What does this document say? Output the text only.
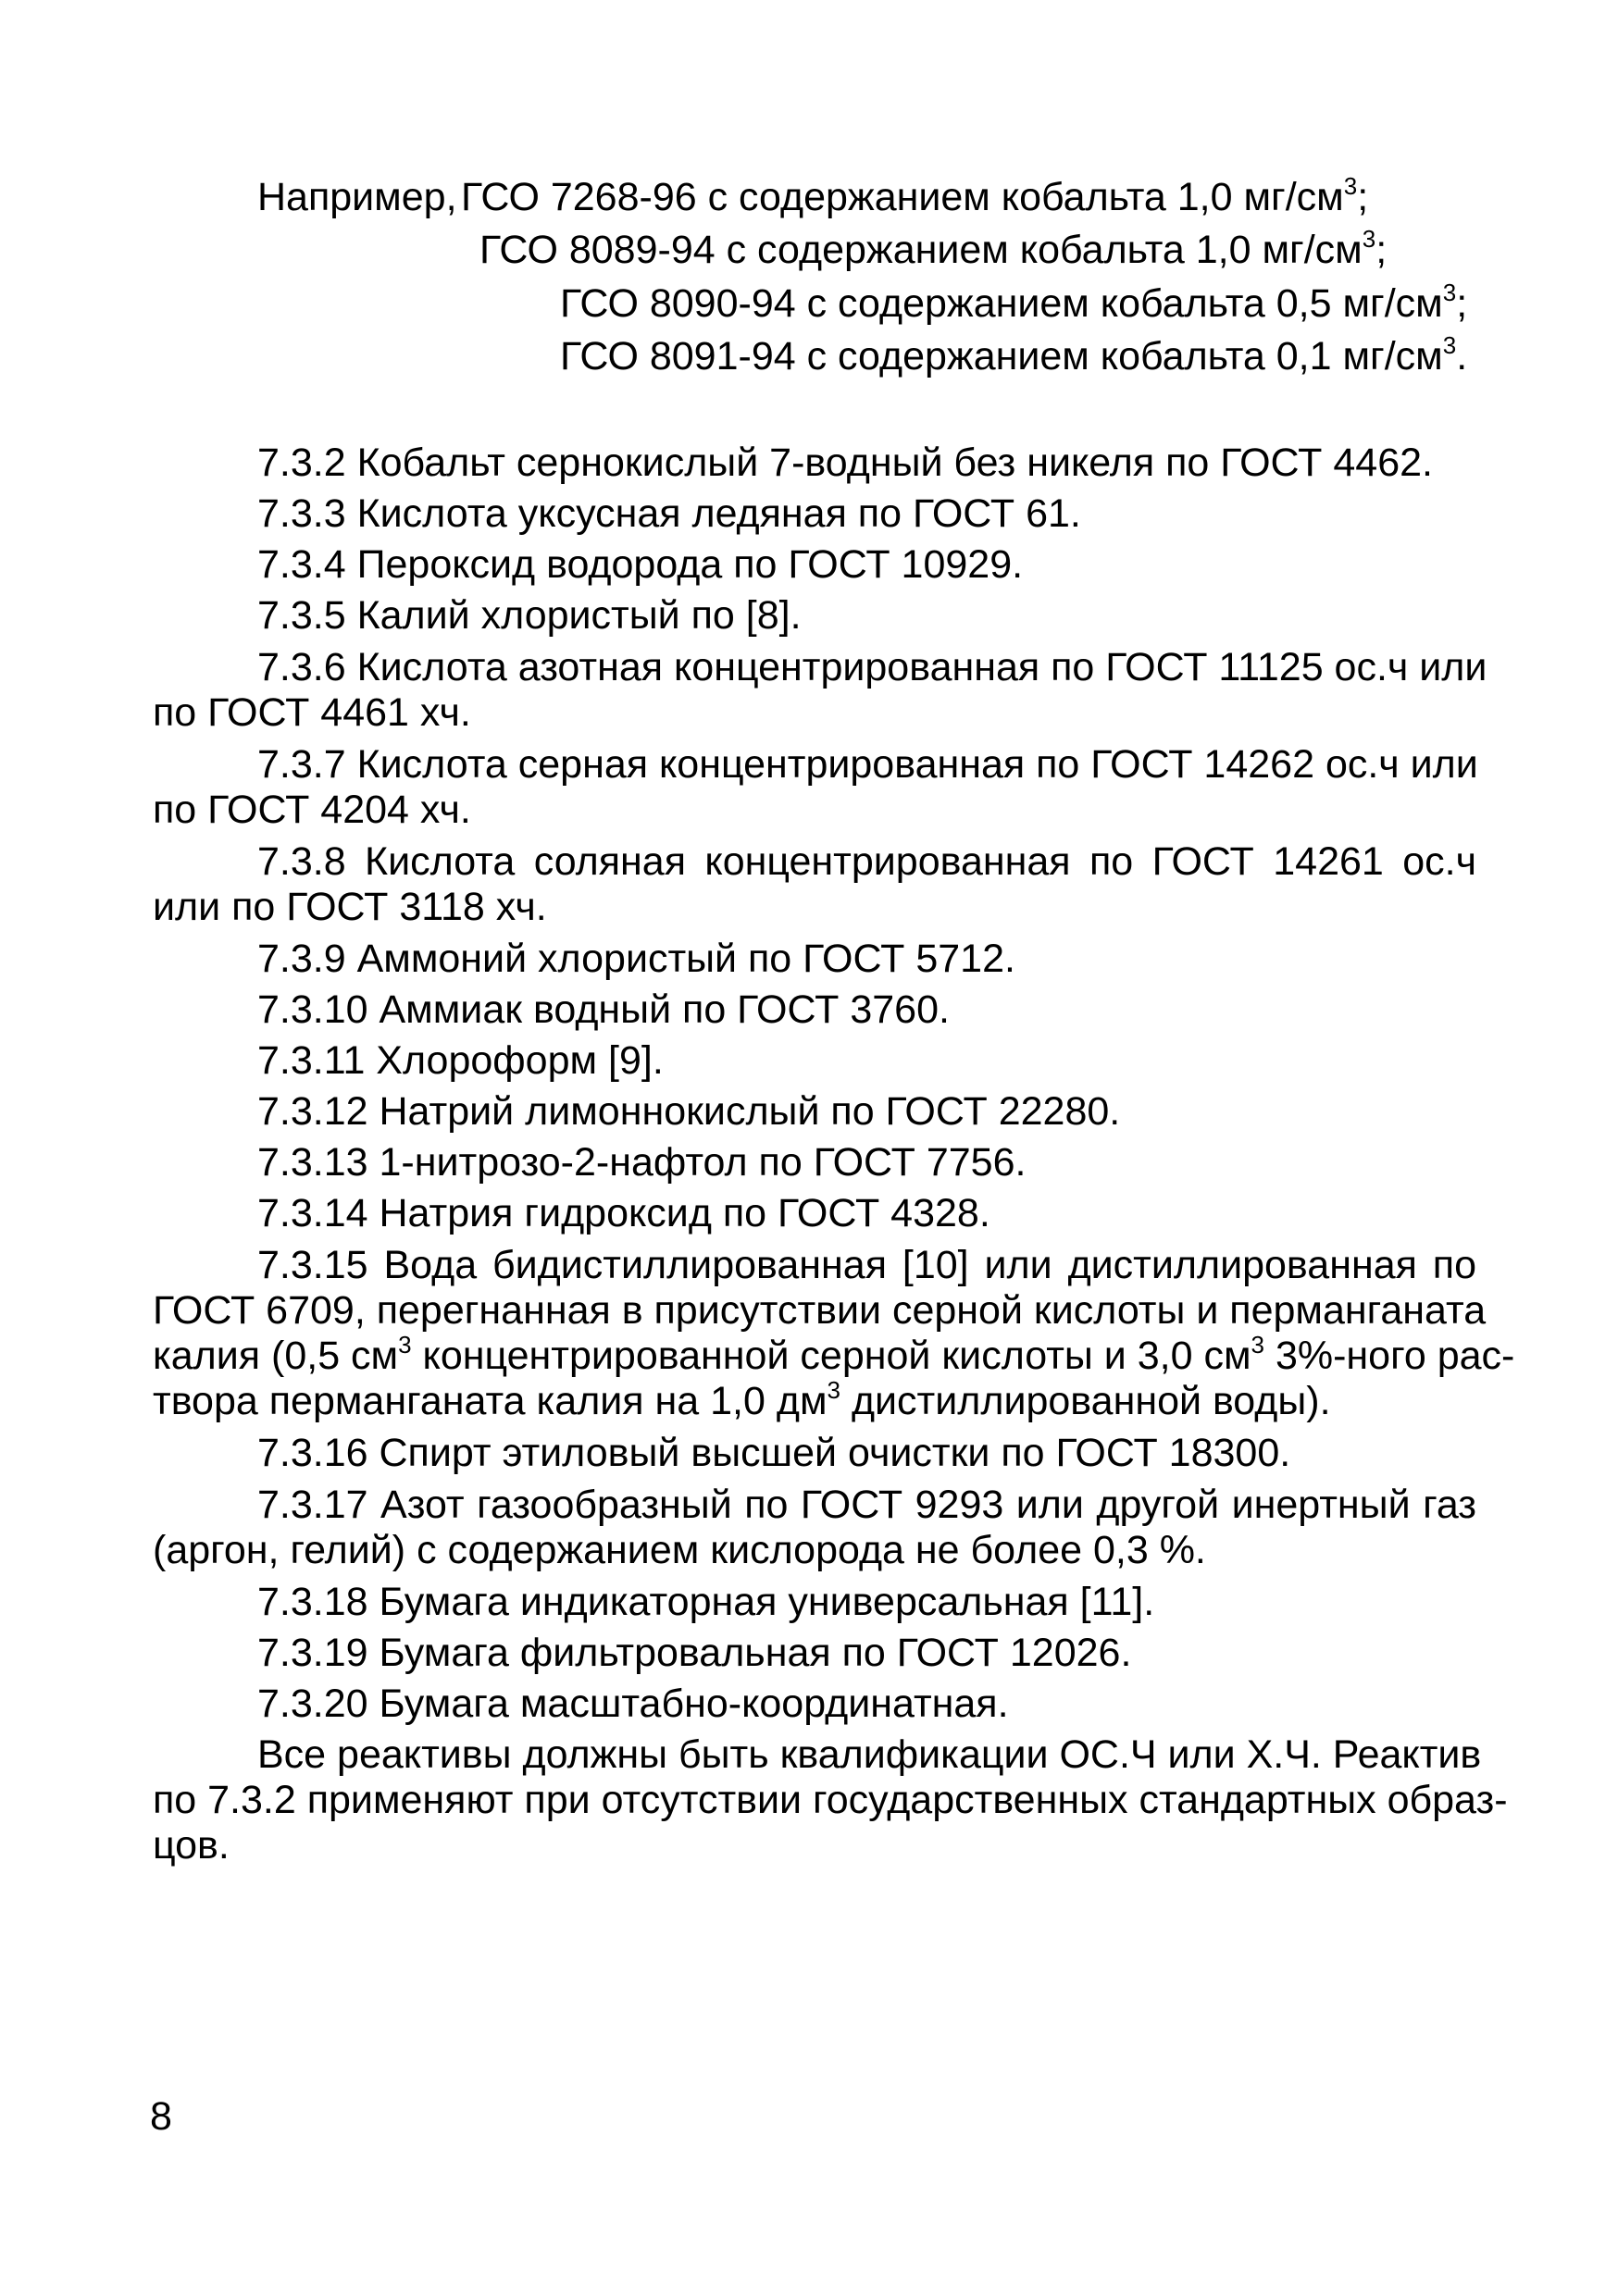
Например, ГСО 7268-96 с содержанием кобальта 1,0 $мг/см^3$;
ГСО 8089-94 с содержанием кобальта 1,0 $мг/см^3$;
ГСО 8090-94 с содержанием кобальта 0,5 $мг/см^3$;
ГСО 8091-94 с содержанием кобальта 0,1 $мг/см^3$.
7.3.2 Кобальт сернокислый 7-водный без никеля по ГОСТ 4462.
7.3.3 Кислота уксусная ледяная по ГОСТ 61.
7.3.4 Пероксид водорода по ГОСТ 10929.
7.3.5 Калий хлористый по [8].
7.3.6 Кислота азотная концентрированная по ГОСТ 11125 ос.ч или
по ГОСТ 4461 хч.
7.3.7 Кислота серная концентрированная по ГОСТ 14262 ос.ч или
по ГОСТ 4204 хч.
7.3.8 Кислота соляная концентрированная по ГОСТ 14261 ос.ч
или по ГОСТ 3118 хч.
7.3.9 Аммоний хлористый по ГОСТ 5712.
7.3.10 Аммиак водный по ГОСТ 3760.
7.3.11 Хлороформ [9].
7.3.12 Натрий лимоннокислый по ГОСТ 22280.
7.3.13 1-нитрозо-2-нафтол по ГОСТ 7756.
7.3.14 Натрия гидроксид по ГОСТ 4328.
7.3.15 Вода бидистиллированная [10] или дистиллированная по
ГОСТ 6709, перегнанная в присутствии серной кислоты и перманганата
калия (0,5 $см^3$ концентрированной серной кислоты и 3,0 $см^3$ 3%-ного рас-
твора перманганата калия на 1,0 $дм^3$ дистиллированной воды).
7.3.16 Спирт этиловый высшей очистки по ГОСТ 18300.
7.3.17 Азот газообразный по ГОСТ 9293 или другой инертный газ
(аргон, гелий) с содержанием кислорода не более 0,3 %.
7.3.18 Бумага индикаторная универсальная [11].
7.3.19 Бумага фильтровальная по ГОСТ 12026.
7.3.20 Бумага масштабно-координатная.
Все реактивы должны быть квалификации ОС.Ч или Х.Ч. Реактив
по 7.3.2 применяют при отсутствии государственных стандартных образ-
цов.
8
